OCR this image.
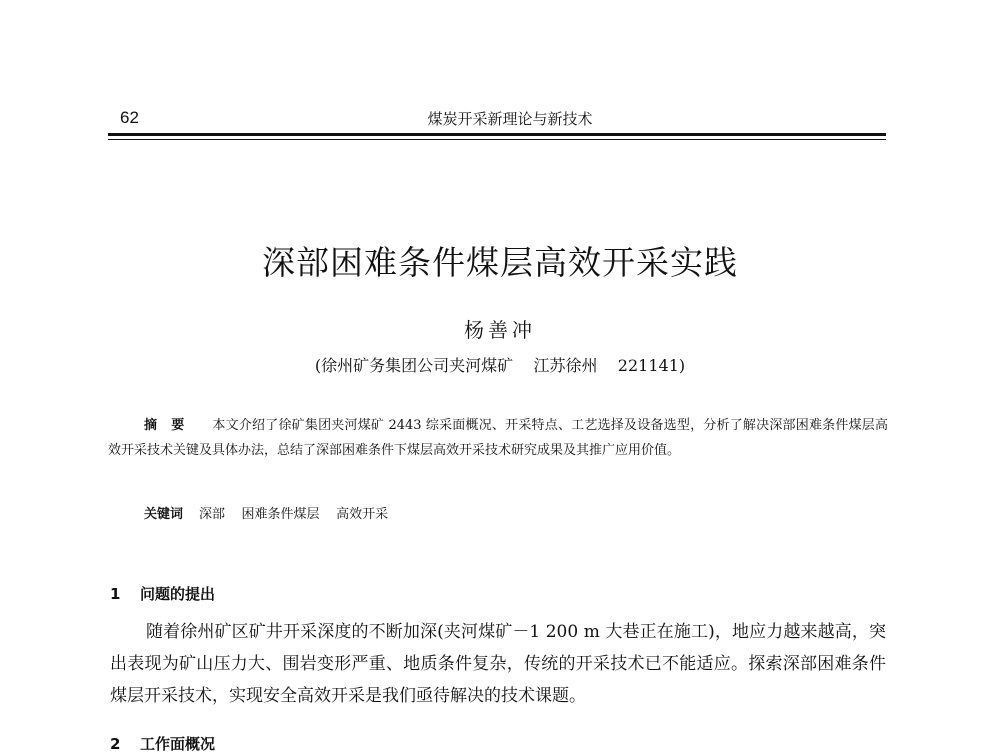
62	煤炭开采新理论与新技术
深部困难条件煤层高效开采实践
杨善冲
(徐州矿务集团公司夹河煤矿    江苏徐州    221141)
摘要 本文介绍了徐矿集团夹河煤矿 2443 综采面概况、开采特点、工艺选择及设备选型，分析了解决深部困难条件煤层高效开采技术关键及具体办法，总结了深部困难条件下煤层高效开采技术研究成果及其推广应用价值。
关键词 深部    困难条件煤层    高效开采
1 问题的提出
随着徐州矿区矿井开采深度的不断加深(夹河煤矿－1 200 m 大巷正在施工)，地应力越来越高，突出表现为矿山压力大、围岩变形严重、地质条件复杂，传统的开采技术已不能适应。探索深部困难条件煤层开采技术，实现安全高效开采是我们亟待解决的技术课题。
2 工作面概况
